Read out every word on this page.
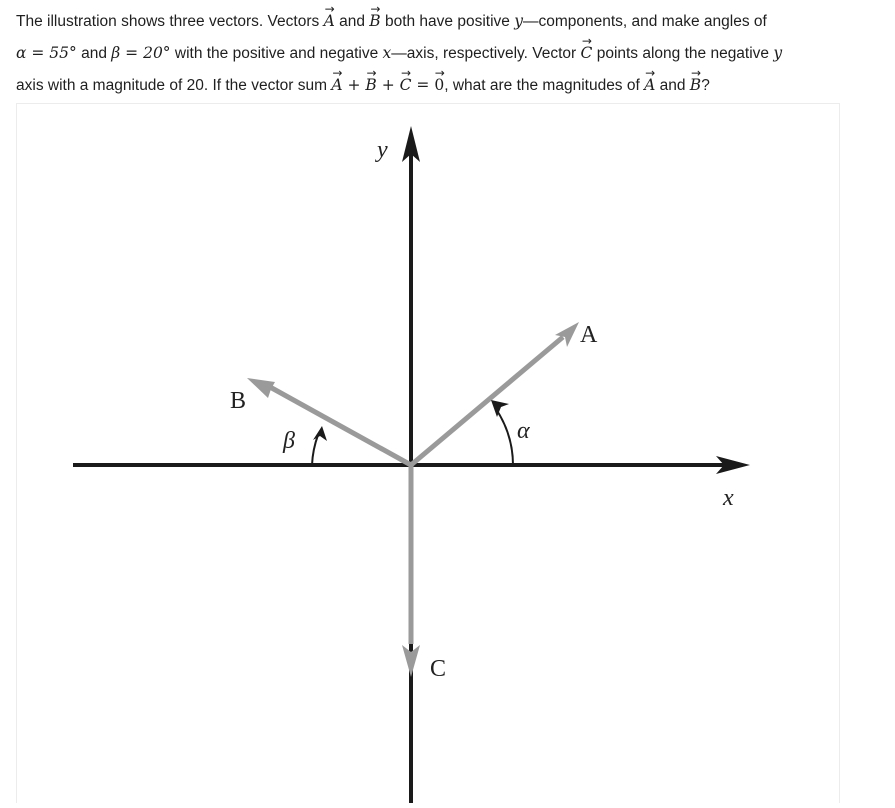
The illustration shows three vectors. Vectors → A and → B both have positive y—components, and make angles of
α = 55° and β = 20° with the positive and negative x—axis, respectively. Vector → C points along the negative y
axis with a magnitude of 20. If the vector sum → A + → B + → C = → 0, what are the magnitudes of → A and → B?

y
x
A
B
C
α
β
